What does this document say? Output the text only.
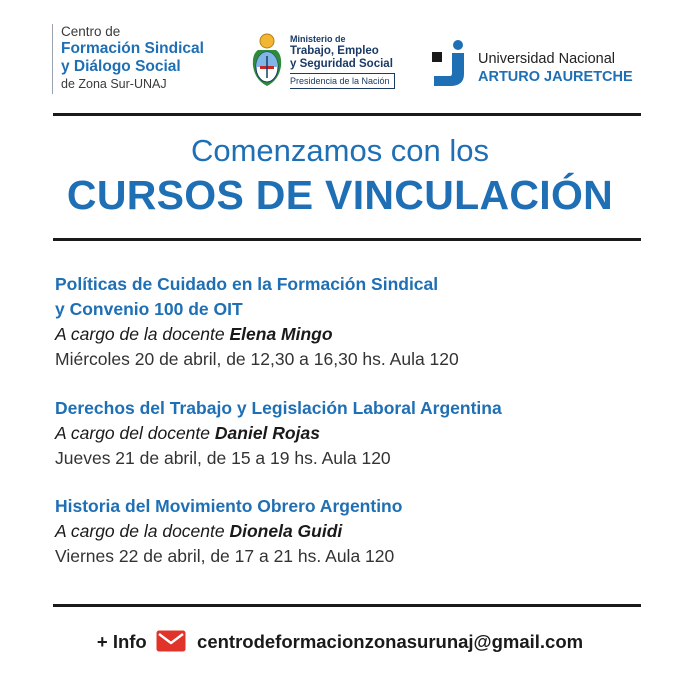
Centro de
Formación Sindical
y Diálogo Social
de Zona Sur-UNAJ
Ministerio de
Trabajo, Empleo
y Seguridad Social
Presidencia de la Nación
Universidad Nacional
ARTURO JAURETCHE
Comenzamos con los
CURSOS DE VINCULACIÓN
Políticas de Cuidado en la Formación Sindical
y Convenio 100 de OIT
A cargo de la docente Elena Mingo
Miércoles 20 de abril, de 12,30 a 16,30 hs. Aula 120
Derechos del Trabajo y Legislación Laboral Argentina
A cargo del docente Daniel Rojas
Jueves 21 de abril, de 15 a 19 hs. Aula 120
Historia del Movimiento Obrero Argentino
A cargo de la docente Dionela Guidi
Viernes 22 de abril, de 17 a 21 hs. Aula 120
+ Info	centrodeformacionzonasurunaj@gmail.com
